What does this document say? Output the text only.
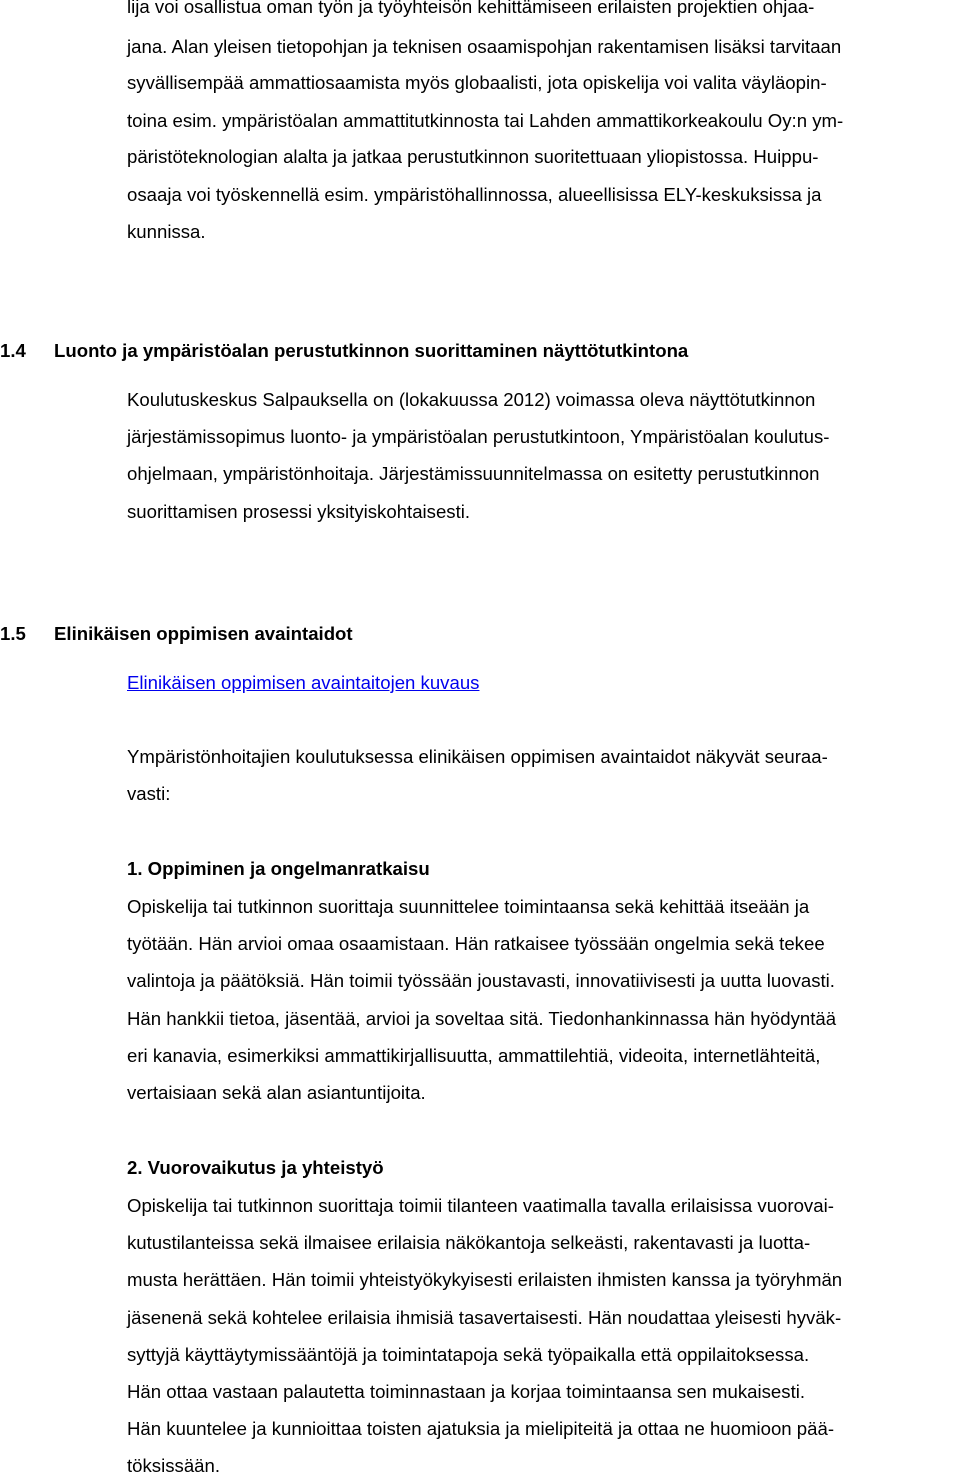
lija voi osallistua oman työn ja työyhteisön kehittämiseen erilaisten projektien ohjaa-
jana. Alan yleisen tietopohjan ja teknisen osaamispohjan rakentamisen lisäksi tarvitaan
syvällisempää ammattiosaamista myös globaalisti, jota opiskelija voi valita väyläopin-
toina esim. ympäristöalan ammattitutkinnosta tai Lahden ammattikorkeakoulu Oy:n ym-
päristöteknologian alalta ja jatkaa perustutkinnon suoritettuaan yliopistossa. Huippu-
osaaja voi työskennellä esim. ympäristöhallinnossa, alueellisissa ELY-keskuksissa ja
kunnissa.
1.4 Luonto ja ympäristöalan perustutkinnon suorittaminen näyttötutkintona
Koulutuskeskus Salpauksella on (lokakuussa 2012) voimassa oleva näyttötutkinnon
järjestämissopimus luonto- ja ympäristöalan perustutkintoon, Ympäristöalan koulutus-
ohjelmaan, ympäristönhoitaja. Järjestämissuunnitelmassa on esitetty perustutkinnon
suorittamisen prosessi yksityiskohtaisesti.
1.5 Elinikäisen oppimisen avaintaidot
Elinikäisen oppimisen avaintaitojen kuvaus
Ympäristönhoitajien koulutuksessa elinikäisen oppimisen avaintaidot näkyvät seuraa-
vasti:
1. Oppiminen ja ongelmanratkaisu
Opiskelija tai tutkinnon suorittaja suunnittelee toimintaansa sekä kehittää itseään ja
työtään. Hän arvioi omaa osaamistaan. Hän ratkaisee työssään ongelmia sekä tekee
valintoja ja päätöksiä. Hän toimii työssään joustavasti, innovatiivisesti ja uutta luovasti.
Hän hankkii tietoa, jäsentää, arvioi ja soveltaa sitä. Tiedonhankinnassa hän hyödyntää
eri kanavia, esimerkiksi ammattikirjallisuutta, ammattilehtiä, videoita, internetlähteitä,
vertaisiaan sekä alan asiantuntijoita.
2. Vuorovaikutus ja yhteistyö
Opiskelija tai tutkinnon suorittaja toimii tilanteen vaatimalla tavalla erilaisissa vuorovai-
kutustilanteissa sekä ilmaisee erilaisia näkökantoja selkeästi, rakentavasti ja luotta-
musta herättäen. Hän toimii yhteistyökykyisesti erilaisten ihmisten kanssa ja työryhmän
jäsenenä sekä kohtelee erilaisia ihmisiä tasavertaisesti. Hän noudattaa yleisesti hyväk-
syttyjä käyttäytymissääntöjä ja toimintatapoja sekä työpaikalla että oppilaitoksessa.
Hän ottaa vastaan palautetta toiminnastaan ja korjaa toimintaansa sen mukaisesti.
Hän kuuntelee ja kunnioittaa toisten ajatuksia ja mielipiteitä ja ottaa ne huomioon pää-
töksissään.
